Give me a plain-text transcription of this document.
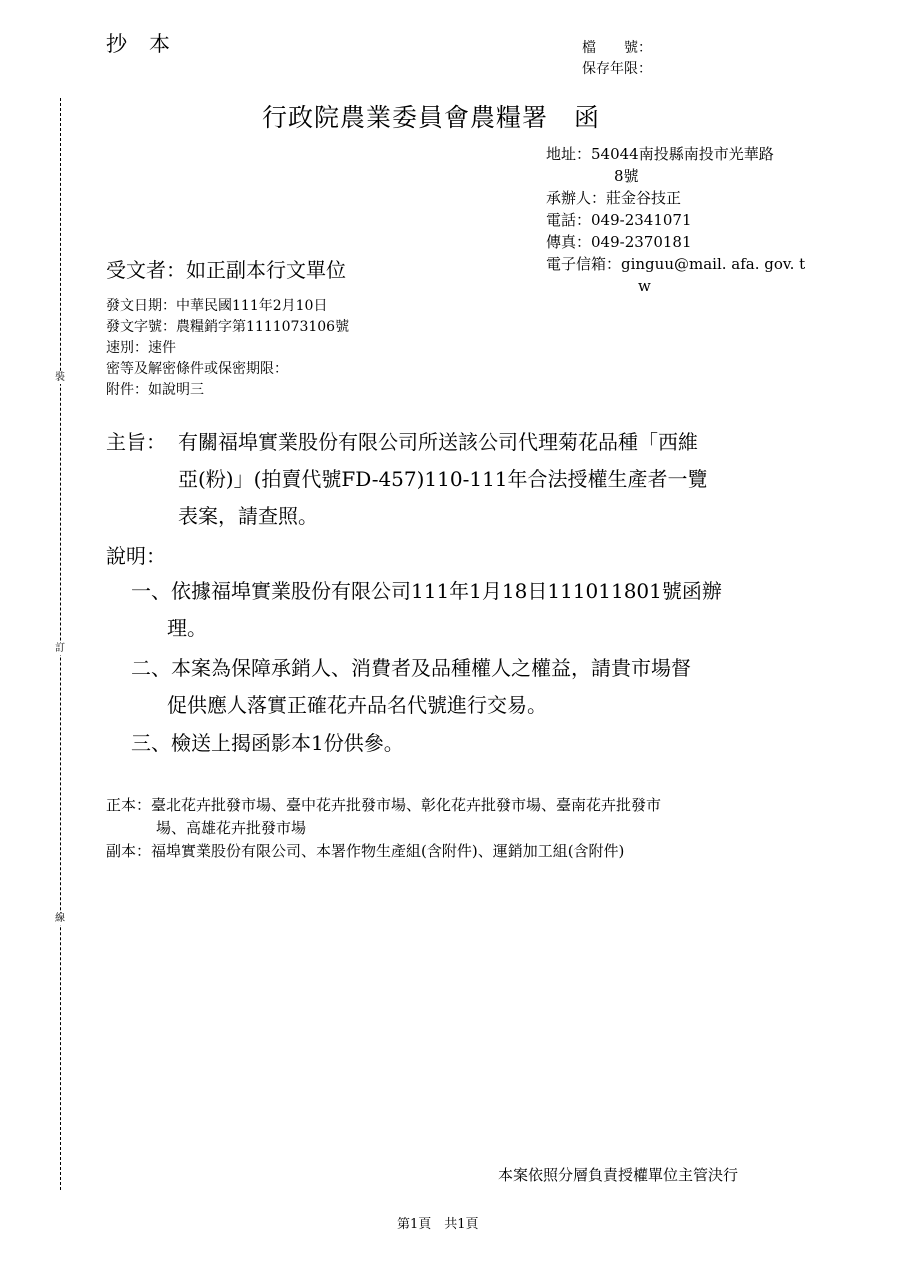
抄本	檔　　號：
保存年限：
裝
訂
線
行政院農業委員會農糧署　函
地址：54044南投縣南投市光華路
8號
承辦人：莊金谷技正
電話：049-2341071
傳真：049-2370181
電子信箱：ginguu@mail. afa. gov. t
w
受文者：如正副本行文單位
發文日期：中華民國111年2月10日
發文字號：農糧銷字第1111073106號
速別：速件
密等及解密條件或保密期限：
附件：如說明三
主旨： 有關福埠實業股份有限公司所送該公司代理菊花品種「西維
亞(粉)」(拍賣代號FD-457)110-111年合法授權生產者一覽
表案，請查照。
說明：
一、依據福埠實業股份有限公司111年1月18日111011801號函辦
理。
二、本案為保障承銷人、消費者及品種權人之權益，請貴市場督
促供應人落實正確花卉品名代號進行交易。
三、檢送上揭函影本1份供參。
正本：臺北花卉批發市場、臺中花卉批發市場、彰化花卉批發市場、臺南花卉批發市
場、高雄花卉批發市場
副本：福埠實業股份有限公司、本署作物生產組(含附件)、運銷加工組(含附件)
本案依照分層負責授權單位主管決行
第1頁　共1頁
